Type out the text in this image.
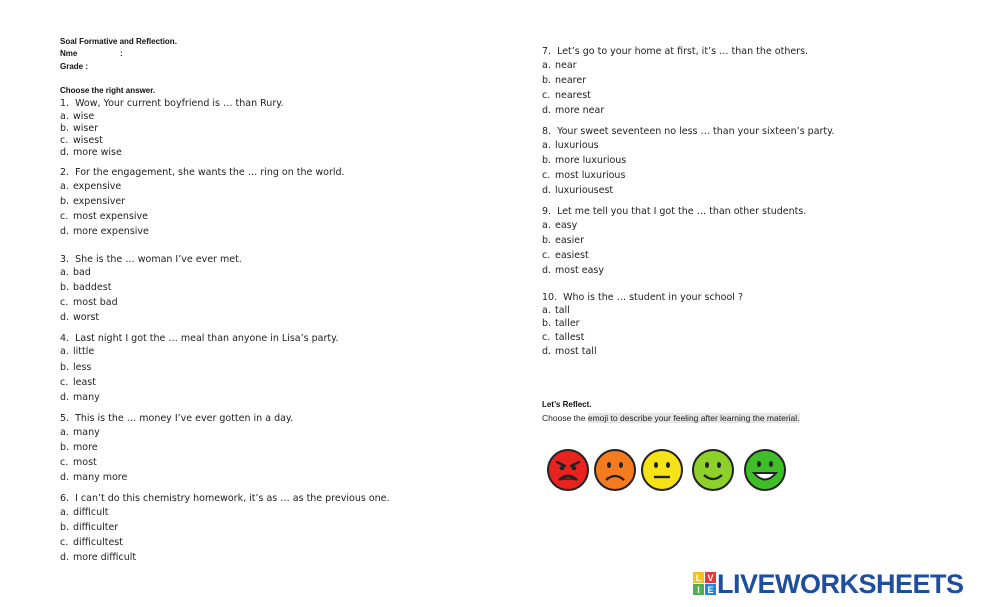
Soal Formative and Reflection.
Nme	:
Grade :
Choose the right answer.
1. Wow, Your current boyfriend is … than Rury.
a. wise
b. wiser
c. wisest
d. more wise
2. For the engagement, she wants the … ring on the world.
a. expensive
b. expensiver
c. most expensive
d. more expensive
3. She is the … woman I’ve ever met.
a. bad
b. baddest
c. most bad
d. worst
4. Last night I got the … meal than anyone in Lisa’s party.
a. little
b. less
c. least
d. many
5. This is the … money I’ve ever gotten in a day.
a. many
b. more
c. most
d. many more
6. I can’t do this chemistry homework, it’s as … as the previous one.
a. difficult
b. difficulter
c. difficultest
d. more difficult
7. Let’s go to your home at first, it’s … than the others.
a. near
b. nearer
c. nearest
d. more near
8. Your sweet seventeen no less … than your sixteen’s party.
a. luxurious
b. more luxurious
c. most luxurious
d. luxuriousest
9. Let me tell you that I got the … than other students.
a. easy
b. easier
c. easiest
d. most easy
10. Who is the … student in your school ?
a. tall
b. taller
c. tallest
d. most tall
Let’s Reflect.
Choose the emoji to describe your feeling after learning the material.
L
I
V
E LIVEWORKSHEETS
